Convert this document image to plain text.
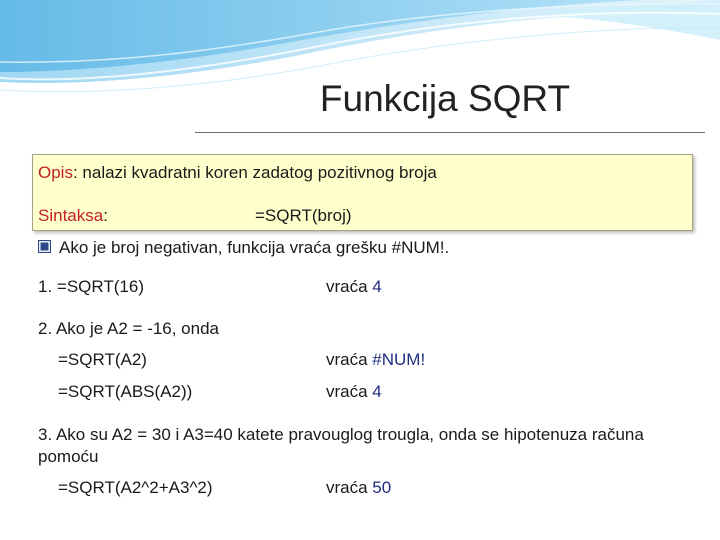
Funkcija SQRT
Opis: nalazi kvadratni koren zadatog pozitivnog broja
Sintaksa:	=SQRT(broj)
Ako je broj negativan, funkcija vraća grešku #NUM!.
1. =SQRT(16)	vraća 4
2. Ako je A2 = -16, onda
=SQRT(A2)	vraća #NUM!
=SQRT(ABS(A2))	vraća 4
3. Ako su A2 = 30 i A3=40 katete pravouglog trougla, onda se hipotenuza računa
pomoću
=SQRT(A2^2+A3^2)	vraća 50
